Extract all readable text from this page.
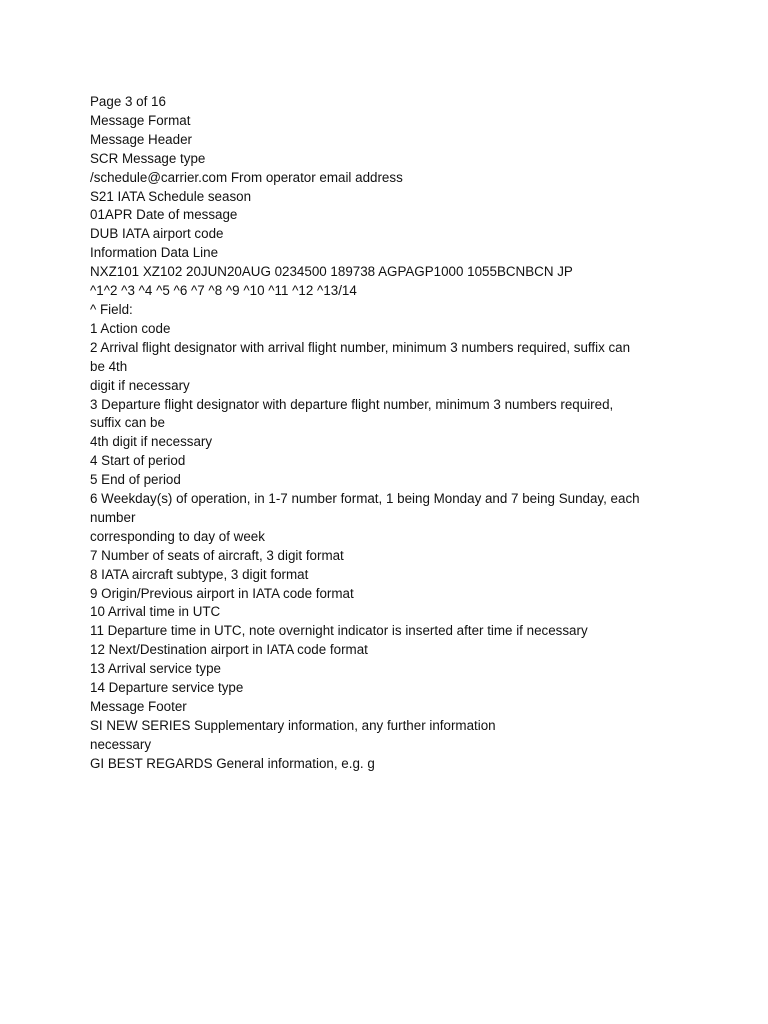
Page 3 of 16
Message Format
Message Header
SCR Message type
/schedule@carrier.com From operator email address
S21 IATA Schedule season
01APR Date of message
DUB IATA airport code
Information Data Line
NXZ101 XZ102 20JUN20AUG 0234500 189738 AGPAGP1000 1055BCNBCN JP
^1^2 ^3 ^4 ^5 ^6 ^7 ^8 ^9 ^10 ^11 ^12 ^13/14
^ Field:
1 Action code
2 Arrival flight designator with arrival flight number, minimum 3 numbers required, suffix can
be 4th
digit if necessary
3 Departure flight designator with departure flight number, minimum 3 numbers required,
suffix can be
4th digit if necessary
4 Start of period
5 End of period
6 Weekday(s) of operation, in 1-7 number format, 1 being Monday and 7 being Sunday, each
number
corresponding to day of week
7 Number of seats of aircraft, 3 digit format
8 IATA aircraft subtype, 3 digit format
9 Origin/Previous airport in IATA code format
10 Arrival time in UTC
11 Departure time in UTC, note overnight indicator is inserted after time if necessary
12 Next/Destination airport in IATA code format
13 Arrival service type
14 Departure service type
Message Footer
SI NEW SERIES Supplementary information, any further information
necessary
GI BEST REGARDS General information, e.g. g
